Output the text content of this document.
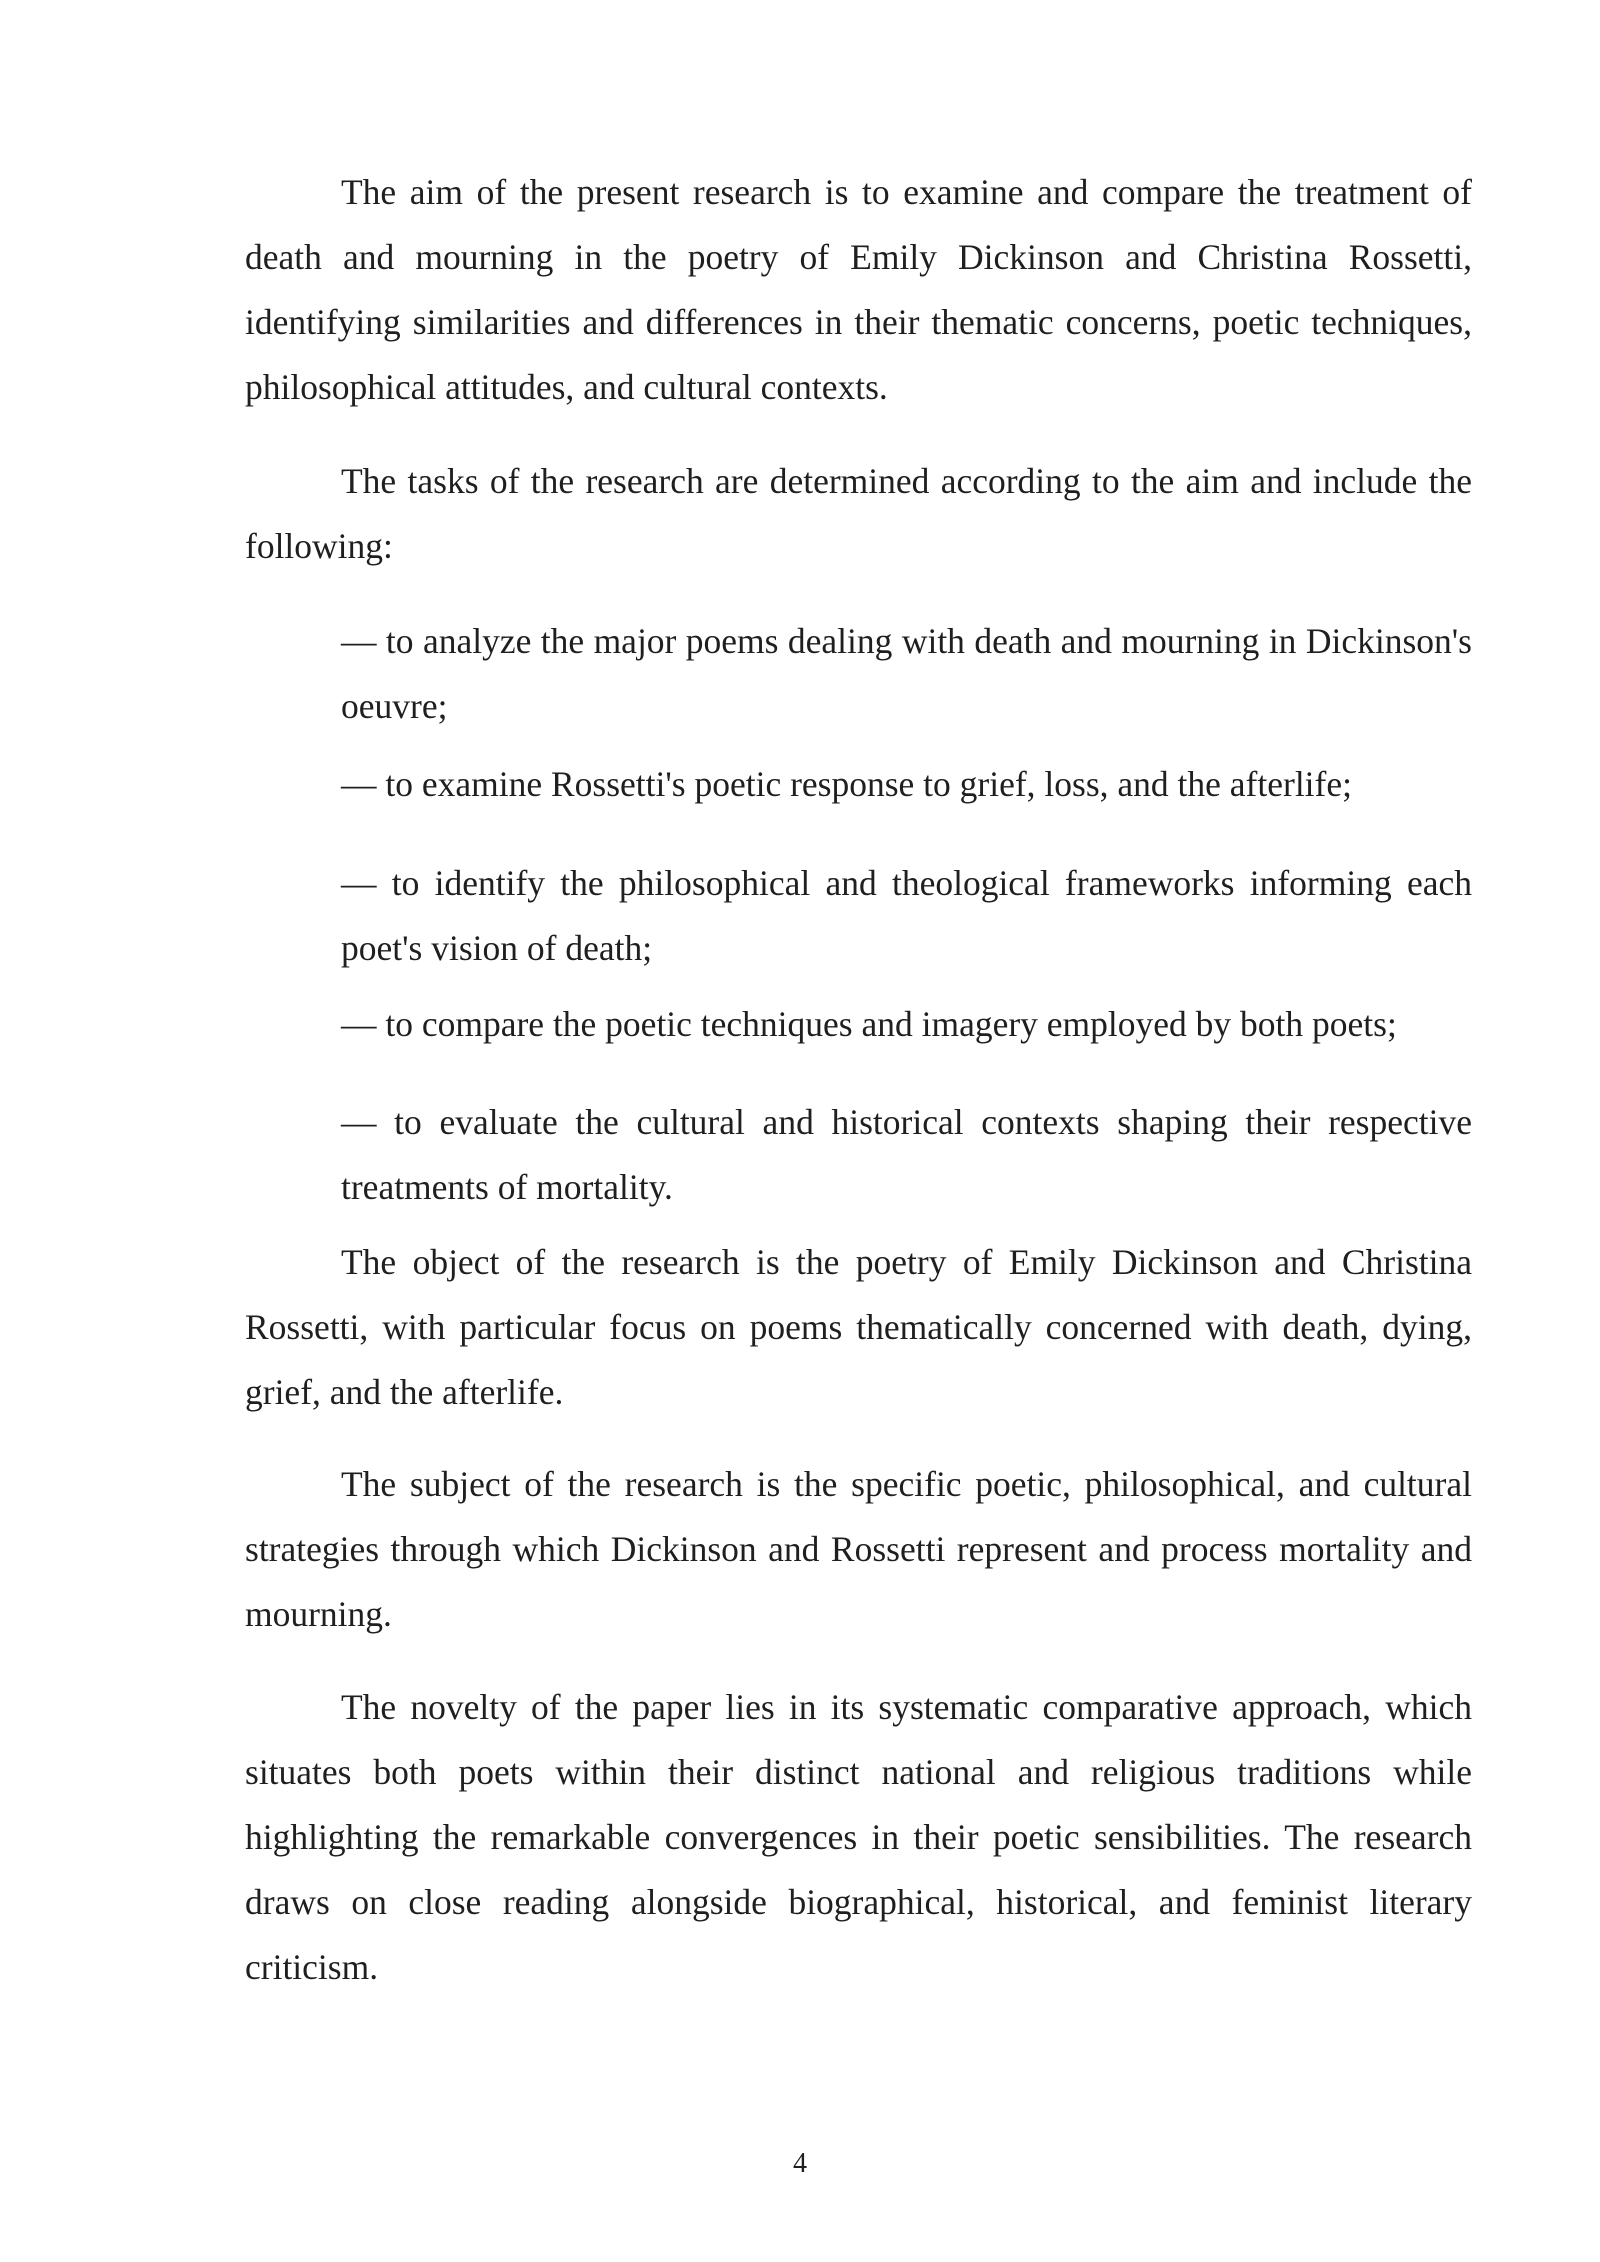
The aim of the present research is to examine and compare the treatment of death and mourning in the poetry of Emily Dickinson and Christina Rossetti, identifying similarities and differences in their thematic concerns, poetic techniques, philosophical attitudes, and cultural contexts.

The tasks of the research are determined according to the aim and include the following:

— to analyze the major poems dealing with death and mourning in Dickinson's oeuvre;

— to examine Rossetti's poetic response to grief, loss, and the afterlife;

— to identify the philosophical and theological frameworks informing each poet's vision of death;

— to compare the poetic techniques and imagery employed by both poets;

— to evaluate the cultural and historical contexts shaping their respective treatments of mortality.

The object of the research is the poetry of Emily Dickinson and Christina Rossetti, with particular focus on poems thematically concerned with death, dying, grief, and the afterlife.

The subject of the research is the specific poetic, philosophical, and cultural strategies through which Dickinson and Rossetti represent and process mortality and mourning.

The novelty of the paper lies in its systematic comparative approach, which situates both poets within their distinct national and religious traditions while highlighting the remarkable convergences in their poetic sensibilities. The research draws on close reading alongside biographical, historical, and feminist literary criticism.

4
